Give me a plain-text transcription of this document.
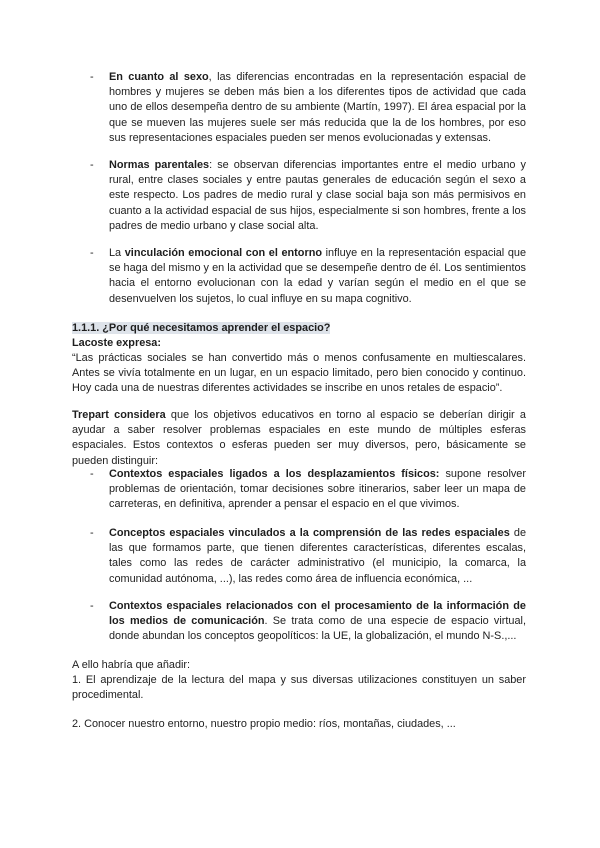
-	En cuanto al sexo, las diferencias encontradas en la representación espacial de hombres y mujeres se deben más bien a los diferentes tipos de actividad que cada uno de ellos desempeña dentro de su ambiente (Martín, 1997). El área espacial por la que se mueven las mujeres suele ser más reducida que la de los hombres, por eso sus representaciones espaciales pueden ser menos evolucionadas y extensas.
-	Normas parentales: se observan diferencias importantes entre el medio urbano y rural, entre clases sociales y entre pautas generales de educación según el sexo a este respecto. Los padres de medio rural y clase social baja son más permisivos en cuanto a la actividad espacial de sus hijos, especialmente si son hombres, frente a los padres de medio urbano y clase social alta.
-	La vinculación emocional con el entorno influye en la representación espacial que se haga del mismo y en la actividad que se desempeñe dentro de él. Los sentimientos hacia el entorno evolucionan con la edad y varían según el medio en el que se desenvuelven los sujetos, lo cual influye en su mapa cognitivo.
1.1.1. ¿Por qué necesitamos aprender el espacio?

Lacoste expresa:

“Las prácticas sociales se han convertido más o menos confusamente en multiescalares. Antes se vivía totalmente en un lugar, en un espacio limitado, pero bien conocido y continuo. Hoy cada una de nuestras diferentes actividades se inscribe en unos retales de espacio”.

Trepart considera que los objetivos educativos en torno al espacio se deberían dirigir a ayudar a saber resolver problemas espaciales en este mundo de múltiples esferas espaciales. Estos contextos o esferas pueden ser muy diversos, pero, básicamente se pueden distinguir:

-	Contextos espaciales ligados a los desplazamientos físicos: supone resolver problemas de orientación, tomar decisiones sobre itinerarios, saber leer un mapa de carreteras, en definitiva, aprender a pensar el espacio en el que vivimos.
-	Conceptos espaciales vinculados a la comprensión de las redes espaciales de las que formamos parte, que tienen diferentes características, diferentes escalas, tales como las redes de carácter administrativo (el municipio, la comarca, la comunidad autónoma, ...), las redes como área de influencia económica, ...
-	Contextos espaciales relacionados con el procesamiento de la información de los medios de comunicación. Se trata como de una especie de espacio virtual, donde abundan los conceptos geopolíticos: la UE, la globalización, el mundo N-S.,...

A ello habría que añadir:

1. El aprendizaje de la lectura del mapa y sus diversas utilizaciones constituyen un saber procedimental.

2. Conocer nuestro entorno, nuestro propio medio: ríos, montañas, ciudades, ...
